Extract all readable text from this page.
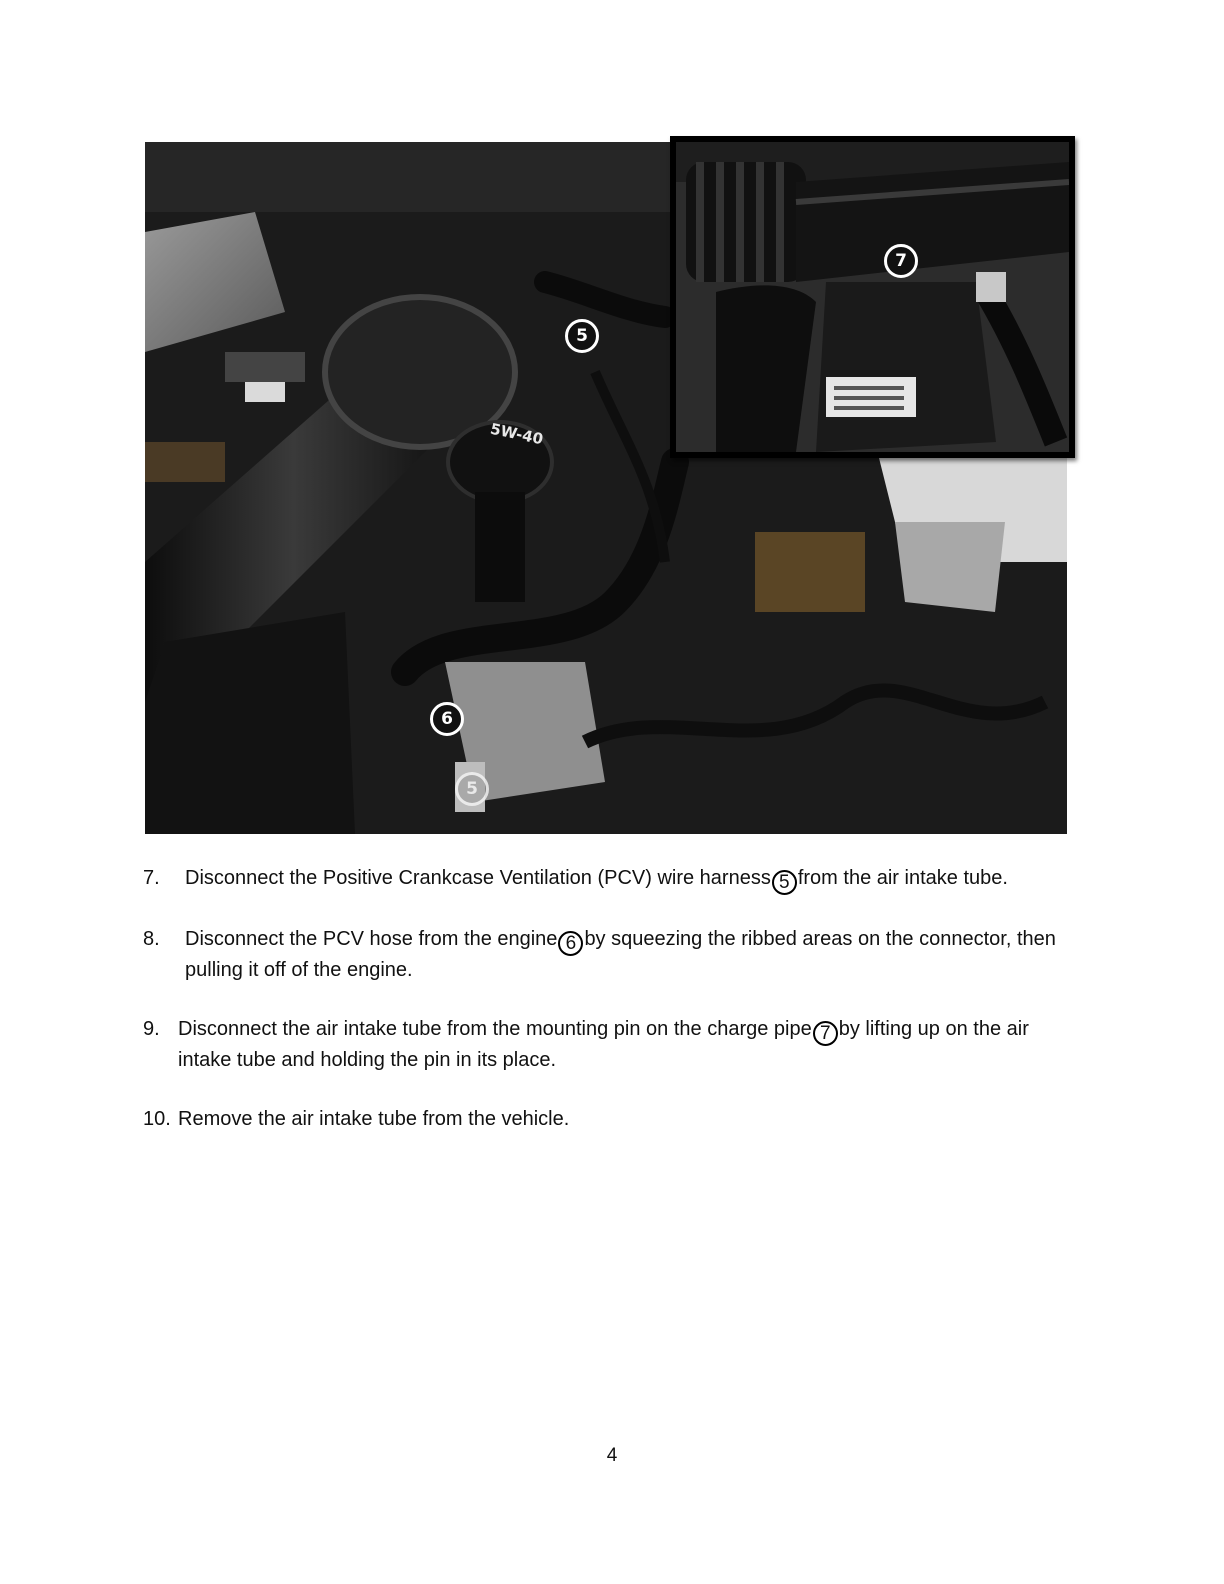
5W-40
5
6
5
7
7. Disconnect the Positive Crankcase Ventilation (PCV) wire harness 5 from the air intake tube.
8. Disconnect the PCV hose from the engine 6 by squeezing the ribbed areas on the connector, then pulling it off of the engine.
9. Disconnect the air intake tube from the mounting pin on the charge pipe 7 by lifting up on the air intake tube and holding the pin in its place.
10. Remove the air intake tube from the vehicle.
4
